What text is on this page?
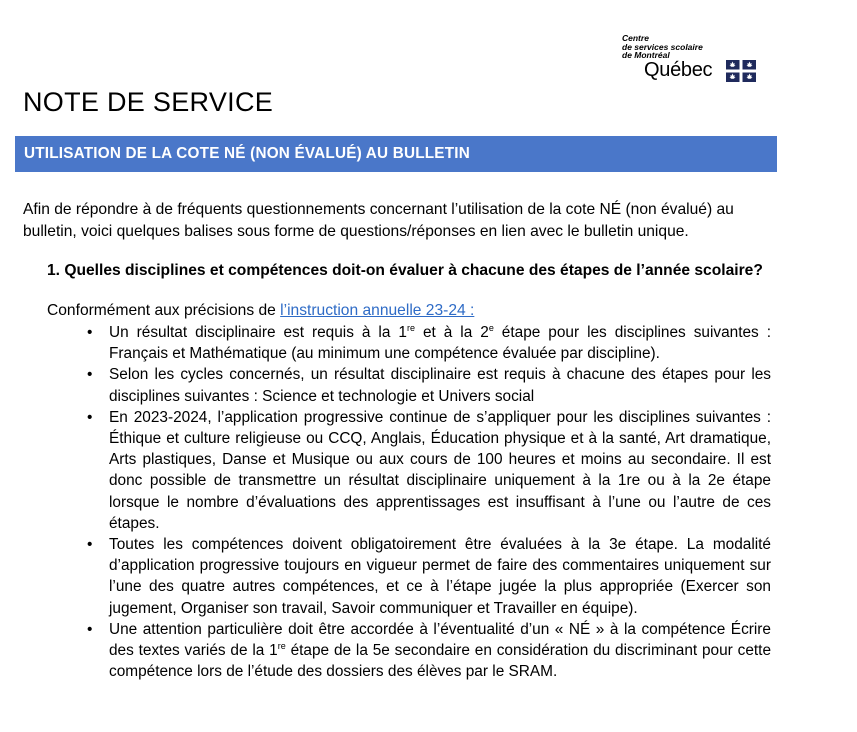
Centre
de services scolaire
de Montréal
Québec
NOTE DE SERVICE
UTILISATION DE LA COTE NÉ (NON ÉVALUÉ) AU BULLETIN

Afin de répondre à de fréquents questionnements concernant l’utilisation de la cote NÉ (non évalué) au bulletin, voici quelques balises sous forme de questions/réponses en lien avec le bulletin unique.

1. Quelles disciplines et compétences doit-on évaluer à chacune des étapes de l’année scolaire?

Conformément aux précisions de l’instruction annuelle 23-24 :

• Un résultat disciplinaire est requis à la 1re et à la 2e étape pour les disciplines suivantes : Français et Mathématique (au minimum une compétence évaluée par discipline).
• Selon les cycles concernés, un résultat disciplinaire est requis à chacune des étapes pour les disciplines suivantes : Science et technologie et Univers social
• En 2023-2024, l’application progressive continue de s’appliquer pour les disciplines suivantes : Éthique et culture religieuse ou CCQ, Anglais, Éducation physique et à la santé, Art dramatique, Arts plastiques, Danse et Musique ou aux cours de 100 heures et moins au secondaire. Il est donc possible de transmettre un résultat disciplinaire uniquement à la 1re ou à la 2e étape lorsque le nombre d’évaluations des apprentissages est insuffisant à l’une ou l’autre de ces étapes.
• Toutes les compétences doivent obligatoirement être évaluées à la 3e étape. La modalité d’application progressive toujours en vigueur permet de faire des commentaires uniquement sur l’une des quatre autres compétences, et ce à l’étape jugée la plus appropriée (Exercer son jugement, Organiser son travail, Savoir communiquer et Travailler en équipe).
• Une attention particulière doit être accordée à l’éventualité d’un « NÉ » à la compétence Écrire des textes variés de la 1re étape de la 5e secondaire en considération du discriminant pour cette compétence lors de l’étude des dossiers des élèves par le SRAM.
